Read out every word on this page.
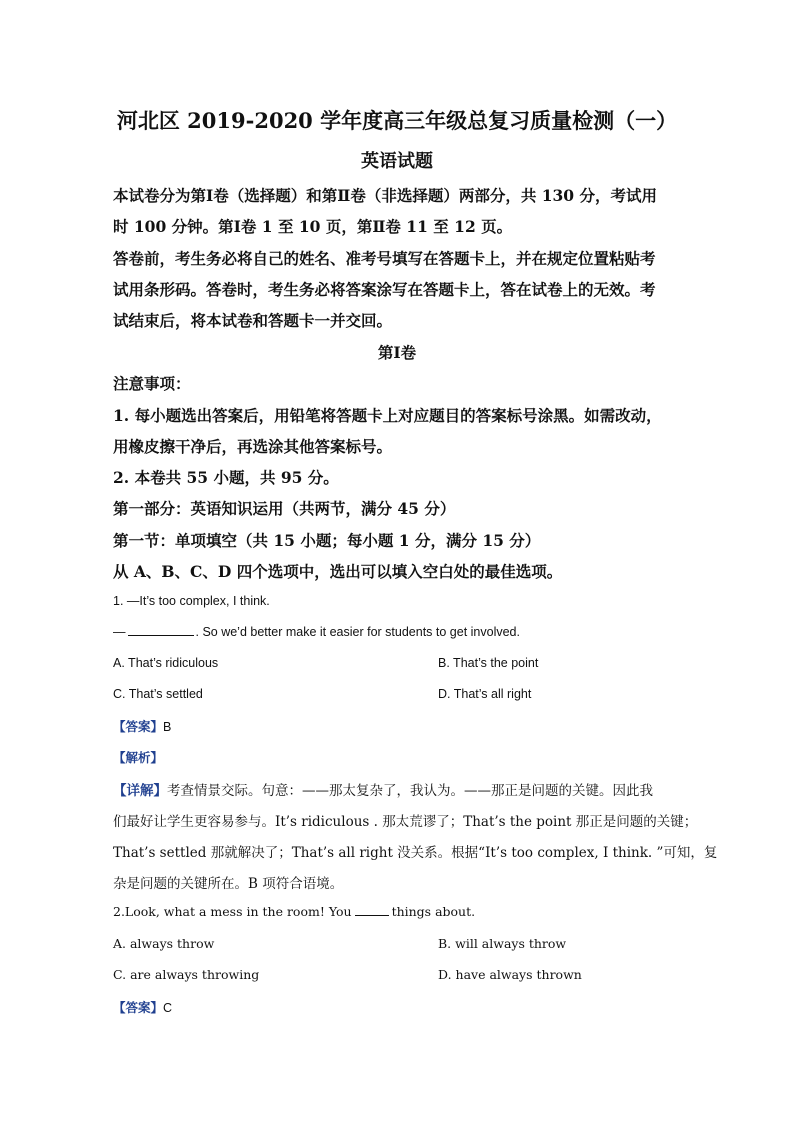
河北区 2019-2020 学年度高三年级总复习质量检测（一）
英语试题
本试卷分为第Ⅰ卷（选择题）和第Ⅱ卷（非选择题）两部分，共 130 分，考试用
时 100 分钟。第Ⅰ卷 1 至 10 页，第Ⅱ卷 11 至 12 页。
答卷前，考生务必将自己的姓名、准考号填写在答题卡上，并在规定位置粘贴考
试用条形码。答卷时，考生务必将答案涂写在答题卡上，答在试卷上的无效。考
试结束后，将本试卷和答题卡一并交回。
第Ⅰ卷
注意事项：
1. 每小题选出答案后，用铅笔将答题卡上对应题目的答案标号涂黑。如需改动，
用橡皮擦干净后，再选涂其他答案标号。
2. 本卷共 55 小题，共 95 分。
第一部分：英语知识运用（共两节，满分 45 分）
第一节：单项填空（共 15 小题；每小题 1 分，满分 15 分）
从 A、B、C、D 四个选项中，选出可以填入空白处的最佳选项。
1. —It’s too complex, I think.
—	. So we’d better make it easier for students to get involved.
A. That’s ridiculous	B. That’s the point
C. That’s settled	D. That’s all right
【答案】B
【解析】
【详解】考查情景交际。句意：——那太复杂了，我认为。——那正是问题的关键。因此我
们最好让学生更容易参与。It’s ridiculous . 那太荒谬了；That’s the point 那正是问题的关键；
That’s settled 那就解决了；That’s all right 没关系。根据“It’s too complex, I think. ”可知，复
杂是问题的关键所在。B 项符合语境。
2.Look, what a mess in the room! You	things about.
A. always throw	B. will always throw
C. are always throwing	D. have always thrown
【答案】C
